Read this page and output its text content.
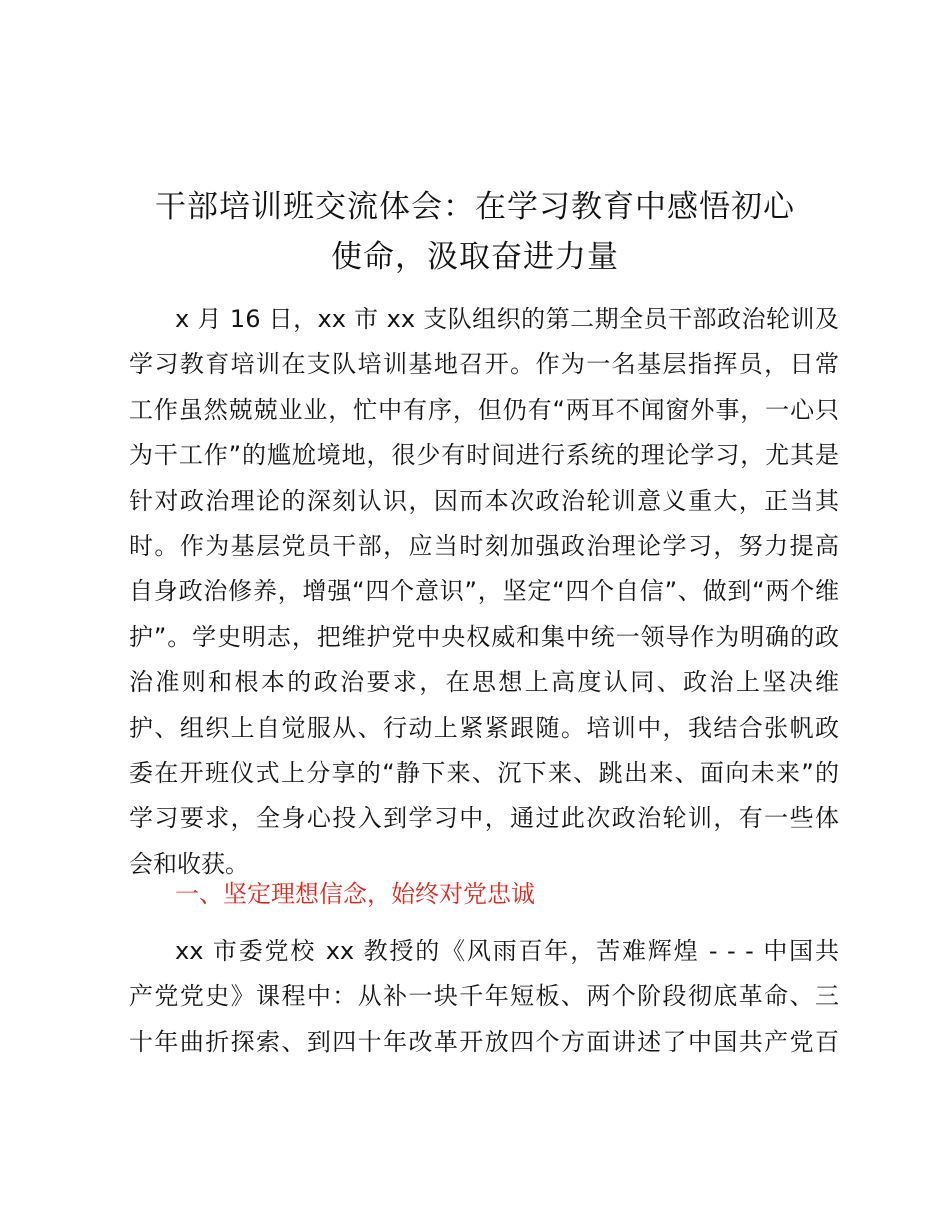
干部培训班交流体会：在学习教育中感悟初心
使命，汲取奋进力量
x 月 16 日，xx 市 xx 支队组织的第二期全员干部政治轮训及
学习教育培训在支队培训基地召开。作为一名基层指挥员，日常
工作虽然兢兢业业，忙中有序，但仍有“两耳不闻窗外事，一心只
为干工作”的尴尬境地，很少有时间进行系统的理论学习，尤其是
针对政治理论的深刻认识，因而本次政治轮训意义重大，正当其
时。作为基层党员干部，应当时刻加强政治理论学习，努力提高
自身政治修养，增强“四个意识”，坚定“四个自信”、做到“两个维
护”。学史明志，把维护党中央权威和集中统一领导作为明确的政
治准则和根本的政治要求，在思想上高度认同、政治上坚决维
护、组织上自觉服从、行动上紧紧跟随。培训中，我结合张帆政
委在开班仪式上分享的“静下来、沉下来、跳出来、面向未来”的
学习要求，全身心投入到学习中，通过此次政治轮训，有一些体
会和收获。
一、坚定理想信念，始终对党忠诚
xx 市委党校 xx 教授的《风雨百年，苦难辉煌 - - - 中国共
产党党史》课程中：从补一块千年短板、两个阶段彻底革命、三
十年曲折探索、到四十年改革开放四个方面讲述了中国共产党百
